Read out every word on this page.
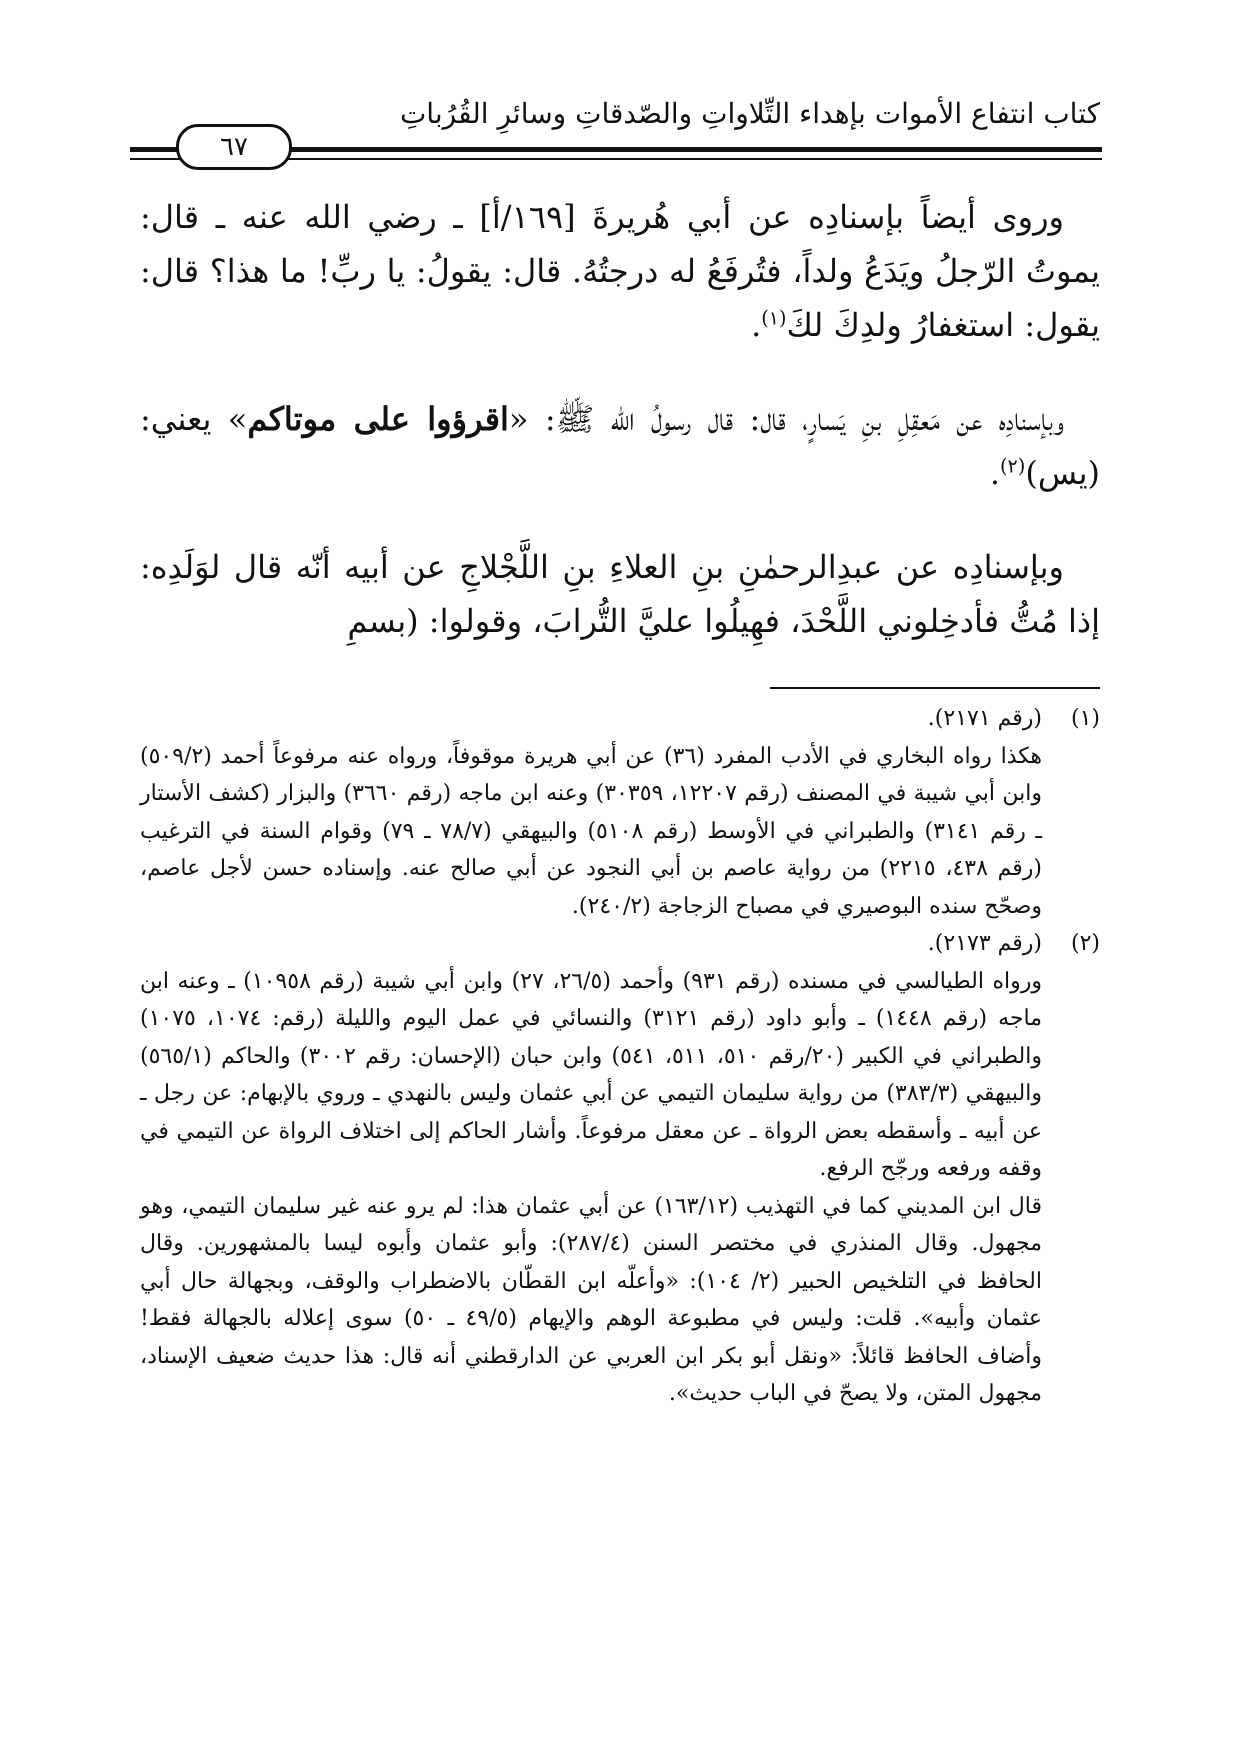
كتاب انتفاع الأموات بإهداء التِّلاواتِ والصّدقاتِ وسائرِ القُرُباتِ
٦٧

وروى أيضاً بإسنادِه عن أبي هُريرةَ [١٦٩/أ] ـ رضي الله عنه ـ قال: يموتُ الرّجلُ ويَدَعُ ولداً، فتُرفَعُ له درجتُهُ. قال: يقولُ: يا ربِّ! ما هذا؟ قال: يقول: استغفارُ ولدِكَ لكَ$^{(١)}$.

وبإسنادِه عن مَعقِلِ بنِ يَسارٍ، قال: قال رسولُ الله ﷺ: «اقرؤوا على موتاكم» يعني: (يس)$^{(٢)}$.

وبإسنادِه عن عبدِالرحمٰنِ بنِ العلاءِ بنِ اللَّجْلاجِ عن أبيه أنّه قال لوَلَدِه: إذا مُتُّ فأدخِلوني اللَّحْدَ، فهِيلُوا عليَّ التُّرابَ، وقولوا: (بسمِ

(١)
(رقم ٢١٧١).

هكذا رواه البخاري في الأدب المفرد (٣٦) عن أبي هريرة موقوفاً، ورواه عنه مرفوعاً أحمد (٥٠٩/٢) وابن أبي شيبة في المصنف (رقم ١٢٢٠٧، ٣٠٣٥٩) وعنه ابن ماجه (رقم ٣٦٦٠) والبزار (كشف الأستار ـ رقم ٣١٤١) والطبراني في الأوسط (رقم ٥١٠٨) والبيهقي (٧٨/٧ ـ ٧٩) وقوام السنة في الترغيب (رقم ٤٣٨، ٢٢١٥) من رواية عاصم بن أبي النجود عن أبي صالح عنه. وإسناده حسن لأجل عاصم، وصحّح سنده البوصيري في مصباح الزجاجة (٢٤٠/٢).

(٢)
(رقم ٢١٧٣).

ورواه الطيالسي في مسنده (رقم ٩٣١) وأحمد (٢٦/٥، ٢٧) وابن أبي شيبة (رقم ١٠٩٥٨) ـ وعنه ابن ماجه (رقم ١٤٤٨) ـ وأبو داود (رقم ٣١٢١) والنسائي في عمل اليوم والليلة (رقم: ١٠٧٤، ١٠٧٥) والطبراني في الكبير (٢٠/رقم ٥١٠، ٥١١، ٥٤١) وابن حبان (الإحسان: رقم ٣٠٠٢) والحاكم (٥٦٥/١) والبيهقي (٣٨٣/٣) من رواية سليمان التيمي عن أبي عثمان وليس بالنهدي ـ وروي بالإبهام: عن رجل ـ عن أبيه ـ وأسقطه بعض الرواة ـ عن معقل مرفوعاً. وأشار الحاكم إلى اختلاف الرواة عن التيمي في وقفه ورفعه ورجّح الرفع.

قال ابن المديني كما في التهذيب (١٦٣/١٢) عن أبي عثمان هذا: لم يرو عنه غير سليمان التيمي، وهو مجهول. وقال المنذري في مختصر السنن (٢٨٧/٤): وأبو عثمان وأبوه ليسا بالمشهورين. وقال الحافظ في التلخيص الحبير (٢/ ١٠٤): «وأعلّه ابن القطّان بالاضطراب والوقف، وبجهالة حال أبي عثمان وأبيه». قلت: وليس في مطبوعة الوهم والإيهام (٤٩/٥ ـ ٥٠) سوى إعلاله بالجهالة فقط! وأضاف الحافظ قائلاً: «ونقل أبو بكر ابن العربي عن الدارقطني أنه قال: هذا حديث ضعيف الإسناد، مجهول المتن، ولا يصحّ في الباب حديث».
